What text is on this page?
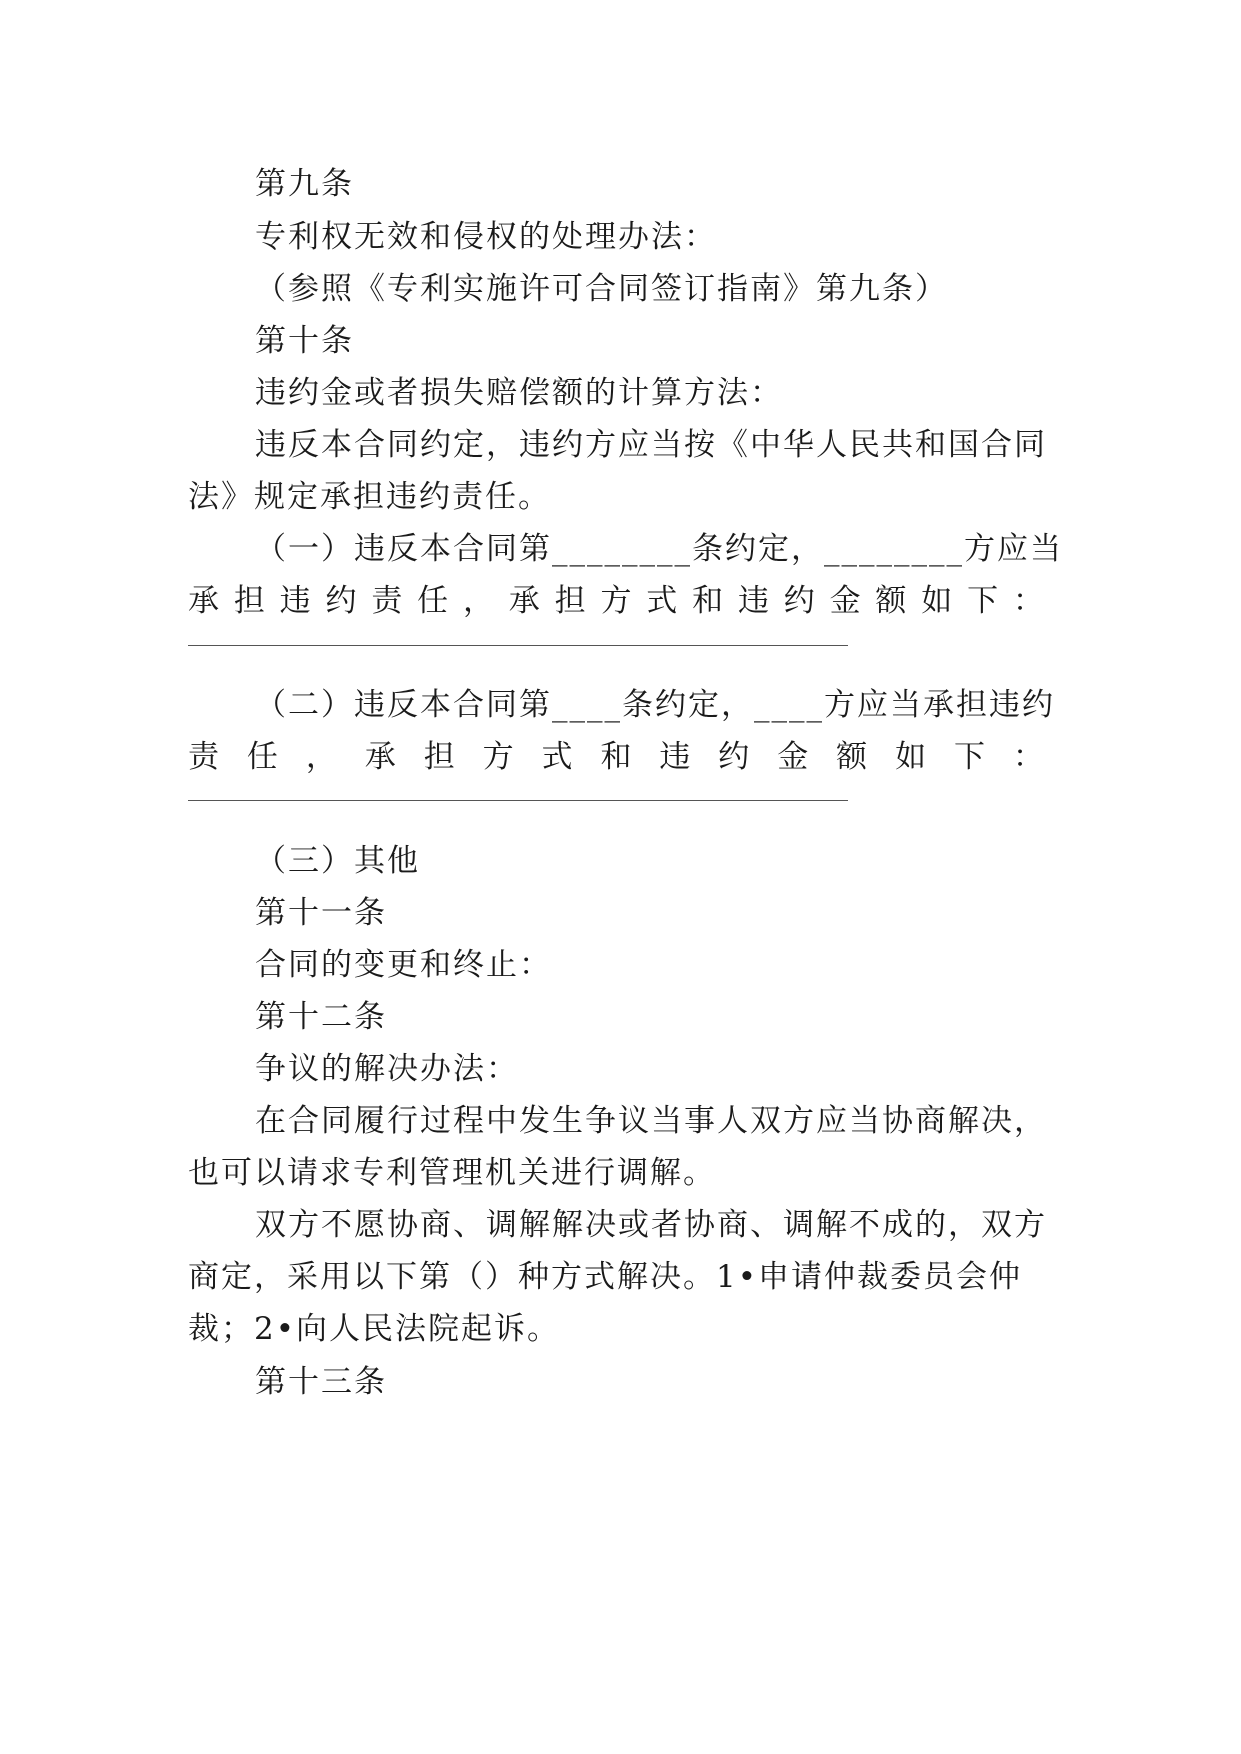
第九条
专利权无效和侵权的处理办法：
（参照《专利实施许可合同签订指南》第九条）
第十条
违约金或者损失赔偿额的计算方法：
违反本合同约定，违约方应当按《中华人民共和国合同
法》规定承担违约责任。
（一）违反本合同第________条约定，________方应当
承 担 违 约 责 任 ， 承 担 方 式 和 违 约 金 额 如 下 ：
（二）违反本合同第____条约定，____方应当承担违约
责 任 ， 承 担 方 式 和 违 约 金 额 如 下 ：
（三）其他
第十一条
合同的变更和终止：
第十二条
争议的解决办法：
在合同履行过程中发生争议当事人双方应当协商解决，
也可以请求专利管理机关进行调解。
双方不愿协商、调解解决或者协商、调解不成的，双方
商定，采用以下第（）种方式解决。1•申请仲裁委员会仲
裁；2•向人民法院起诉。
第十三条
